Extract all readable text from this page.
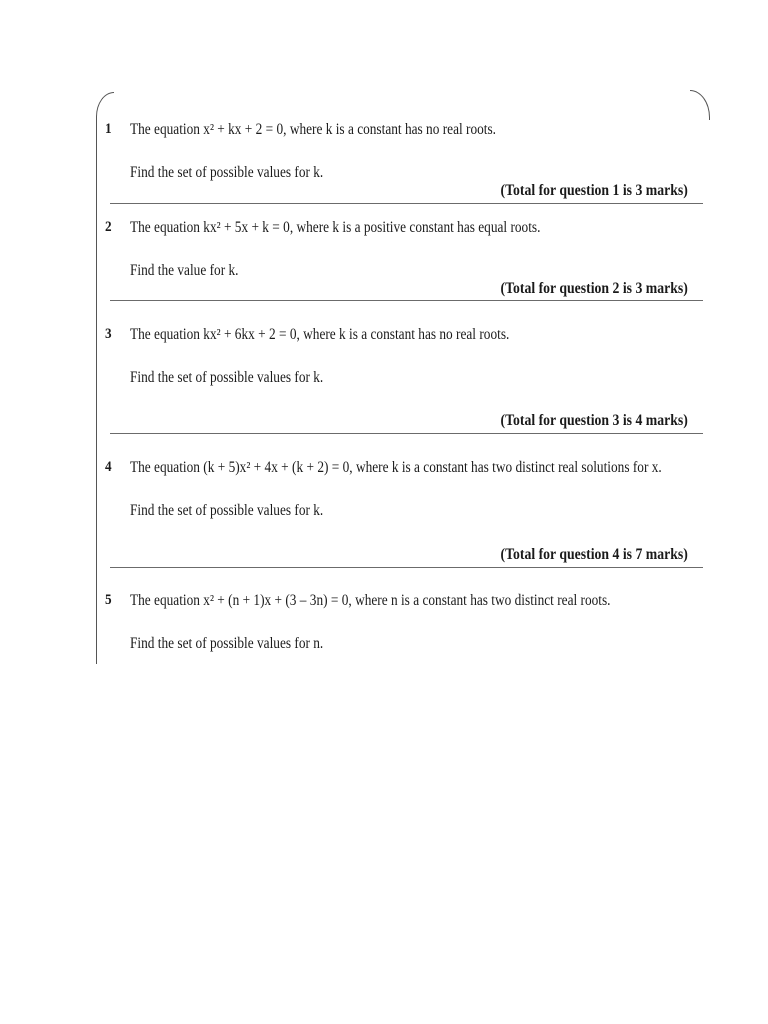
1 The equation x² + kx + 2 = 0, where k is a constant has no real roots.
Find the set of possible values for k.
(Total for question 1 is 3 marks)
2 The equation kx² + 5x + k = 0, where k is a positive constant has equal roots.
Find the value for k.
(Total for question 2 is 3 marks)
3 The equation kx² + 6kx + 2 = 0, where k is a constant has no real roots.
Find the set of possible values for k.
(Total for question 3 is 4 marks)
4 The equation (k + 5)x² + 4x + (k + 2) = 0, where k is a constant has two distinct real solutions for x.
Find the set of possible values for k.
(Total for question 4 is 7 marks)
5 The equation x² + (n + 1)x + (3 – 3n) = 0, where n is a constant has two distinct real roots.
Find the set of possible values for n.
